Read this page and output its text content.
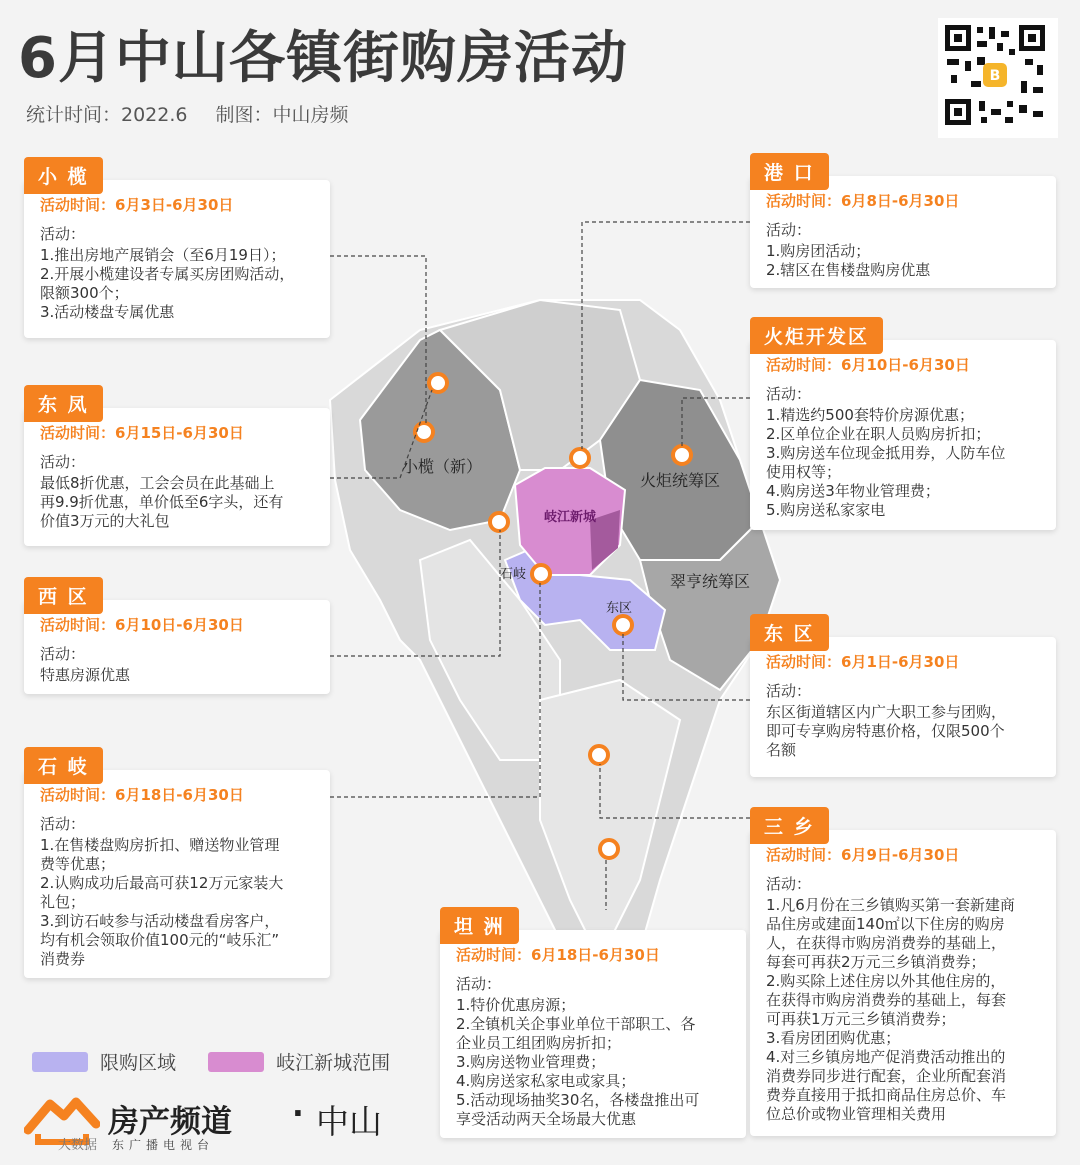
6月中山各镇街购房活动
统计时间：2022.6 制图：中山房频
B
小榄（新）
火炬统筹区
岐江新城
石岐
东区
翠亨统筹区
活动时间：6月3日-6月30日
活动：
1.推出房地产展销会（至6月19日）；
2.开展小榄建设者专属买房团购活动，
限额300个；
3.活动楼盘专属优惠
小 榄
活动时间：6月15日-6月30日
活动：
最低8折优惠，工会会员在此基础上
再9.9折优惠，单价低至6字头，还有
价值3万元的大礼包
东 凤
活动时间：6月10日-6月30日
活动：
特惠房源优惠
西 区
活动时间：6月18日-6月30日
活动：
1.在售楼盘购房折扣、赠送物业管理
费等优惠；
2.认购成功后最高可获12万元家装大
礼包；
3.到访石岐参与活动楼盘看房客户，
均有机会领取价值100元的“岐乐汇”
消费券
石 岐
活动时间：6月8日-6月30日
活动：
1.购房团活动；
2.辖区在售楼盘购房优惠
港 口
活动时间：6月10日-6月30日
活动：
1.精选约500套特价房源优惠；
2.区单位企业在职人员购房折扣；
3.购房送车位现金抵用券，人防车位
使用权等；
4.购房送3年物业管理费；
5.购房送私家家电
火炬开发区
活动时间：6月1日-6月30日
活动：
东区街道辖区内广大职工参与团购，
即可专享购房特惠价格，仅限500个
名额
东 区
活动时间：6月9日-6月30日
活动：
1.凡6月份在三乡镇购买第一套新建商
品住房或建面140㎡以下住房的购房
人，在获得市购房消费券的基础上，
每套可再获2万元三乡镇消费券；
2.购买除上述住房以外其他住房的，
在获得市购房消费券的基础上，每套
可再获1万元三乡镇消费券；
3.看房团团购优惠；
4.对三乡镇房地产促消费活动推出的
消费券同步进行配套，企业所配套消
费券直接用于抵扣商品住房总价、车
位总价或物业管理相关费用
三 乡
活动时间：6月18日-6月30日
活动：
1.特价优惠房源；
2.全镇机关企事业单位干部职工、各
企业员工组团购房折扣；
3.购房送物业管理费；
4.购房送家私家电或家具；
5.活动现场抽奖30名，各楼盘推出可
享受活动两天全场最大优惠
坦 洲
限购区域
	岐江新城范围
房产频道 · 中山
大数据 东广播电视台
